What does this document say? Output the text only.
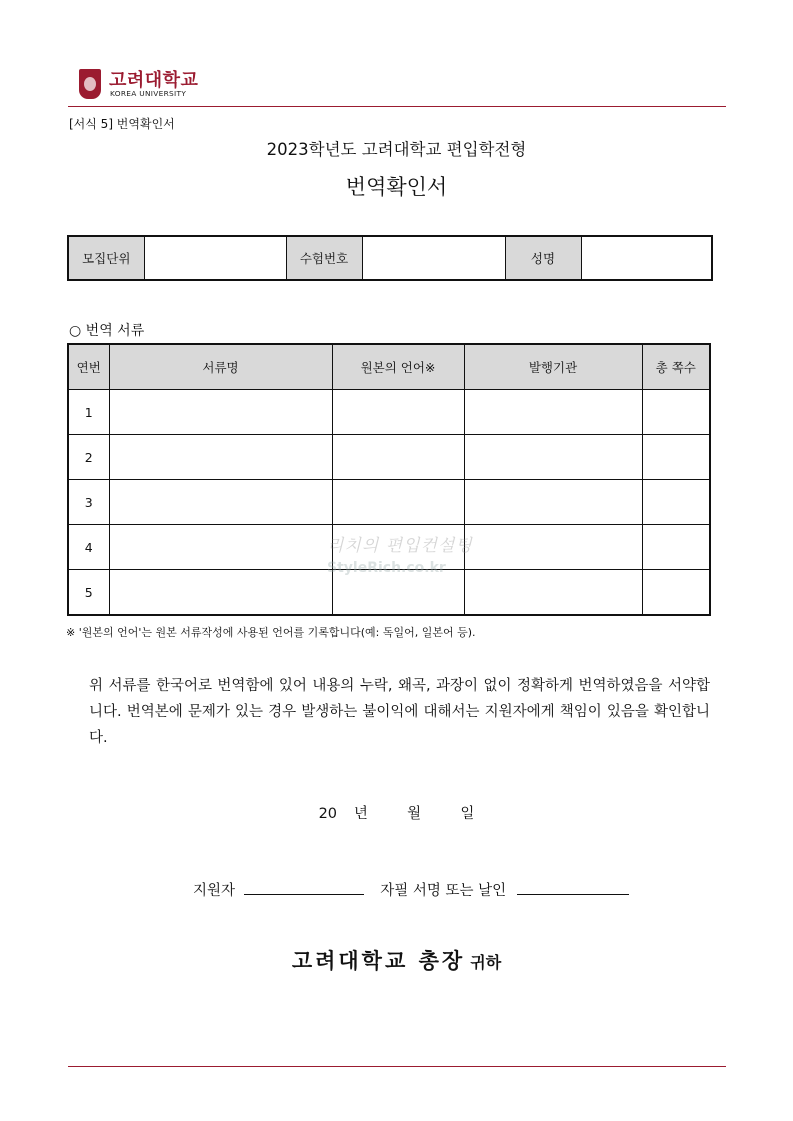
고려대학교
KOREA UNIVERSITY
[서식 5] 번역확인서
2023학년도 고려대학교 편입학전형
번역확인서
모집단위		수험번호		성명	
○ 번역 서류
연번	서류명	원본의 언어※	발행기관	총 쪽수
1				
2				
3				
4				
5				
리치의 편입컨설팅
StyleRich.co.kr
※ '원본의 언어'는 원본 서류작성에 사용된 언어를 기록합니다(예: 독일어, 일본어 등).
위 서류를 한국어로 번역함에 있어 내용의 누락, 왜곡, 과장이 없이 정확하게 번역하였음을 서약합니다. 번역본에 문제가 있는 경우 발생하는 불이익에 대해서는 지원자에게 책임이 있음을 확인합니다.
20 년	월	일
지원자	자필 서명 또는 날인
고려대학교 총장 귀하
